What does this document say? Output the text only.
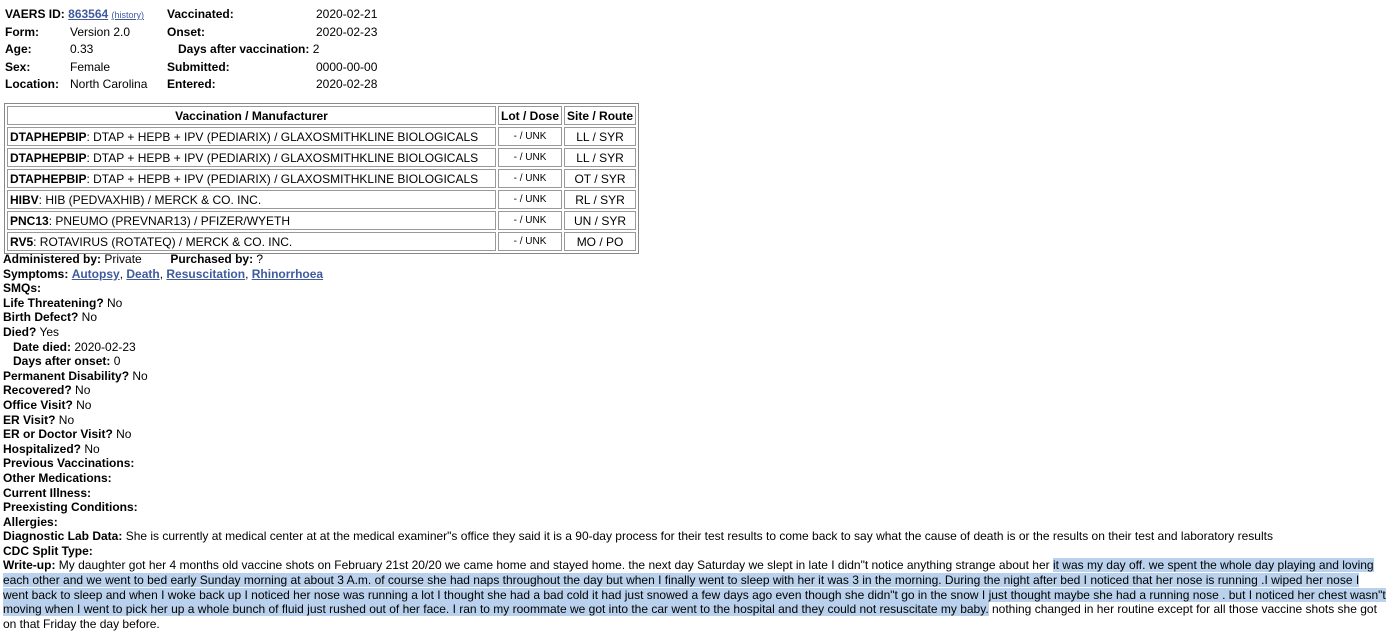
VAERS ID: 863564 (history) Vaccinated:	2020-02-21
Form:	Version 2.0	Onset:	2020-02-23
Age:	0.33	Days after vaccination: 2
Sex:	Female	Submitted:	0000-00-00
Location: North Carolina Entered:	2020-02-28
Vaccination / Manufacturer	Lot / Dose	Site / Route
DTAPHEPBIP: DTAP + HEPB + IPV (PEDIARIX) / GLAXOSMITHKLINE BIOLOGICALS	- / UNK	LL / SYR
DTAPHEPBIP: DTAP + HEPB + IPV (PEDIARIX) / GLAXOSMITHKLINE BIOLOGICALS	- / UNK	LL / SYR
DTAPHEPBIP: DTAP + HEPB + IPV (PEDIARIX) / GLAXOSMITHKLINE BIOLOGICALS	- / UNK	OT / SYR
HIBV: HIB (PEDVAXHIB) / MERCK & CO. INC.	- / UNK	RL / SYR
PNC13: PNEUMO (PREVNAR13) / PFIZER/WYETH	- / UNK	UN / SYR
RV5: ROTAVIRUS (ROTATEQ) / MERCK & CO. INC.	- / UNK	MO / PO
Administered by: Private Purchased by: ?
Symptoms: Autopsy, Death, Resuscitation, Rhinorrhoea
SMQs:
Life Threatening? No
Birth Defect? No
Died? Yes
Date died: 2020-02-23
Days after onset: 0
Permanent Disability? No
Recovered? No
Office Visit? No
ER Visit? No
ER or Doctor Visit? No
Hospitalized? No
Previous Vaccinations:
Other Medications:
Current Illness:
Preexisting Conditions:
Allergies:
Diagnostic Lab Data: She is currently at medical center at at the medical examiner"s office they said it is a 90-day process for their test results to come back to say what the cause of death is or the results on their test and laboratory results
CDC Split Type:
Write-up: My daughter got her 4 months old vaccine shots on February 21st 20/20 we came home and stayed home. the next day Saturday we slept in late I didn"t notice anything strange about her it was my day off. we spent the whole day playing and loving each other and we went to bed early Sunday morning at about 3 A.m. of course she had naps throughout the day but when I finally went to sleep with her it was 3 in the morning. During the night after bed I noticed that her nose is running .I wiped her nose I went back to sleep and when I woke back up I noticed her nose was running a lot I thought she had a bad cold it had just snowed a few days ago even though she didn"t go in the snow I just thought maybe she had a running nose . but I noticed her chest wasn"t moving when I went to pick her up a whole bunch of fluid just rushed out of her face. I ran to my roommate we got into the car went to the hospital and they could not resuscitate my baby. nothing changed in her routine except for all those vaccine shots she got on that Friday the day before.
